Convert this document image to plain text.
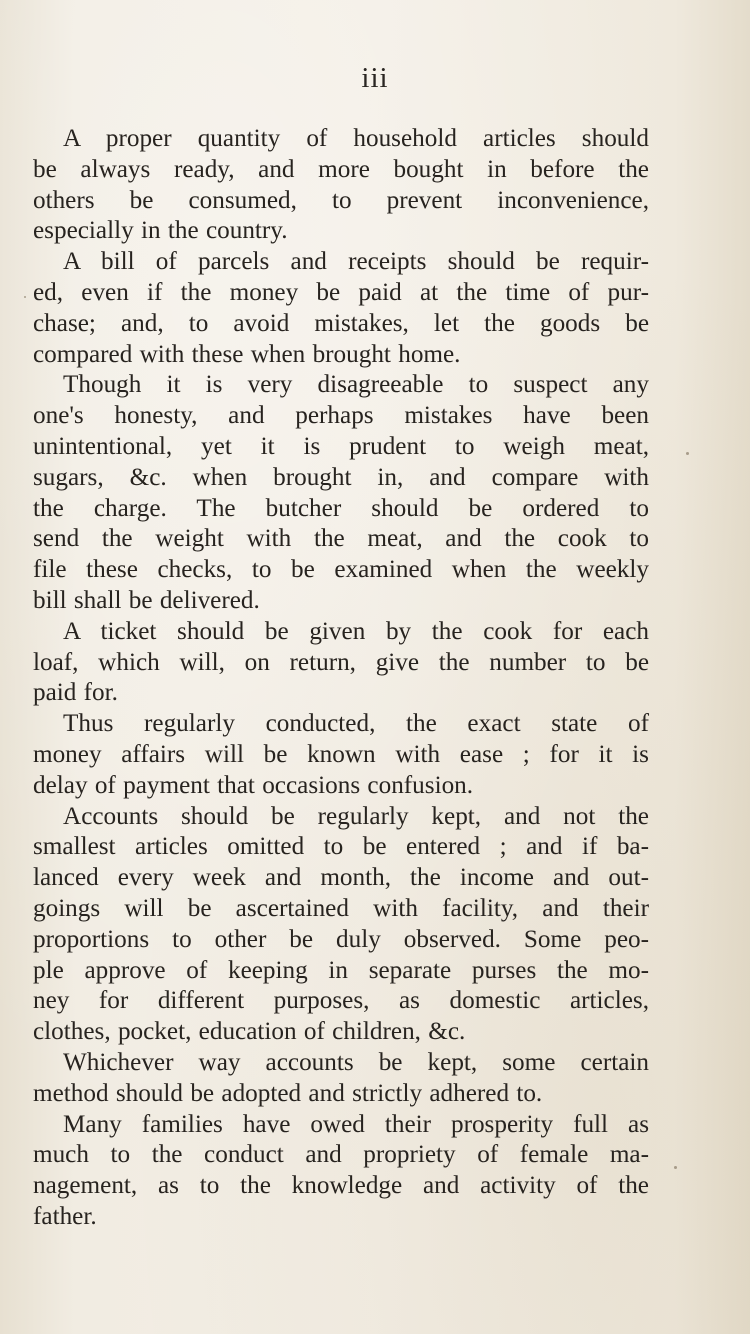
iii
A proper quantity of household articles should
be always ready, and more bought in before the
others be consumed, to prevent inconvenience,
especially in the country.
A bill of parcels and receipts should be requir-
ed, even if the money be paid at the time of pur-
chase; and, to avoid mistakes, let the goods be
compared with these when brought home.
Though it is very disagreeable to suspect any
one's honesty, and perhaps mistakes have been
unintentional, yet it is prudent to weigh meat,
sugars, &c. when brought in, and compare with
the charge. The butcher should be ordered to
send the weight with the meat, and the cook to
file these checks, to be examined when the weekly
bill shall be delivered.
A ticket should be given by the cook for each
loaf, which will, on return, give the number to be
paid for.
Thus regularly conducted, the exact state of
money affairs will be known with ease ; for it is
delay of payment that occasions confusion.
Accounts should be regularly kept, and not the
smallest articles omitted to be entered ; and if ba-
lanced every week and month, the income and out-
goings will be ascertained with facility, and their
proportions to other be duly observed. Some peo-
ple approve of keeping in separate purses the mo-
ney for different purposes, as domestic articles,
clothes, pocket, education of children, &c.
Whichever way accounts be kept, some certain
method should be adopted and strictly adhered to.
Many families have owed their prosperity full as
much to the conduct and propriety of female ma-
nagement, as to the knowledge and activity of the
father.
